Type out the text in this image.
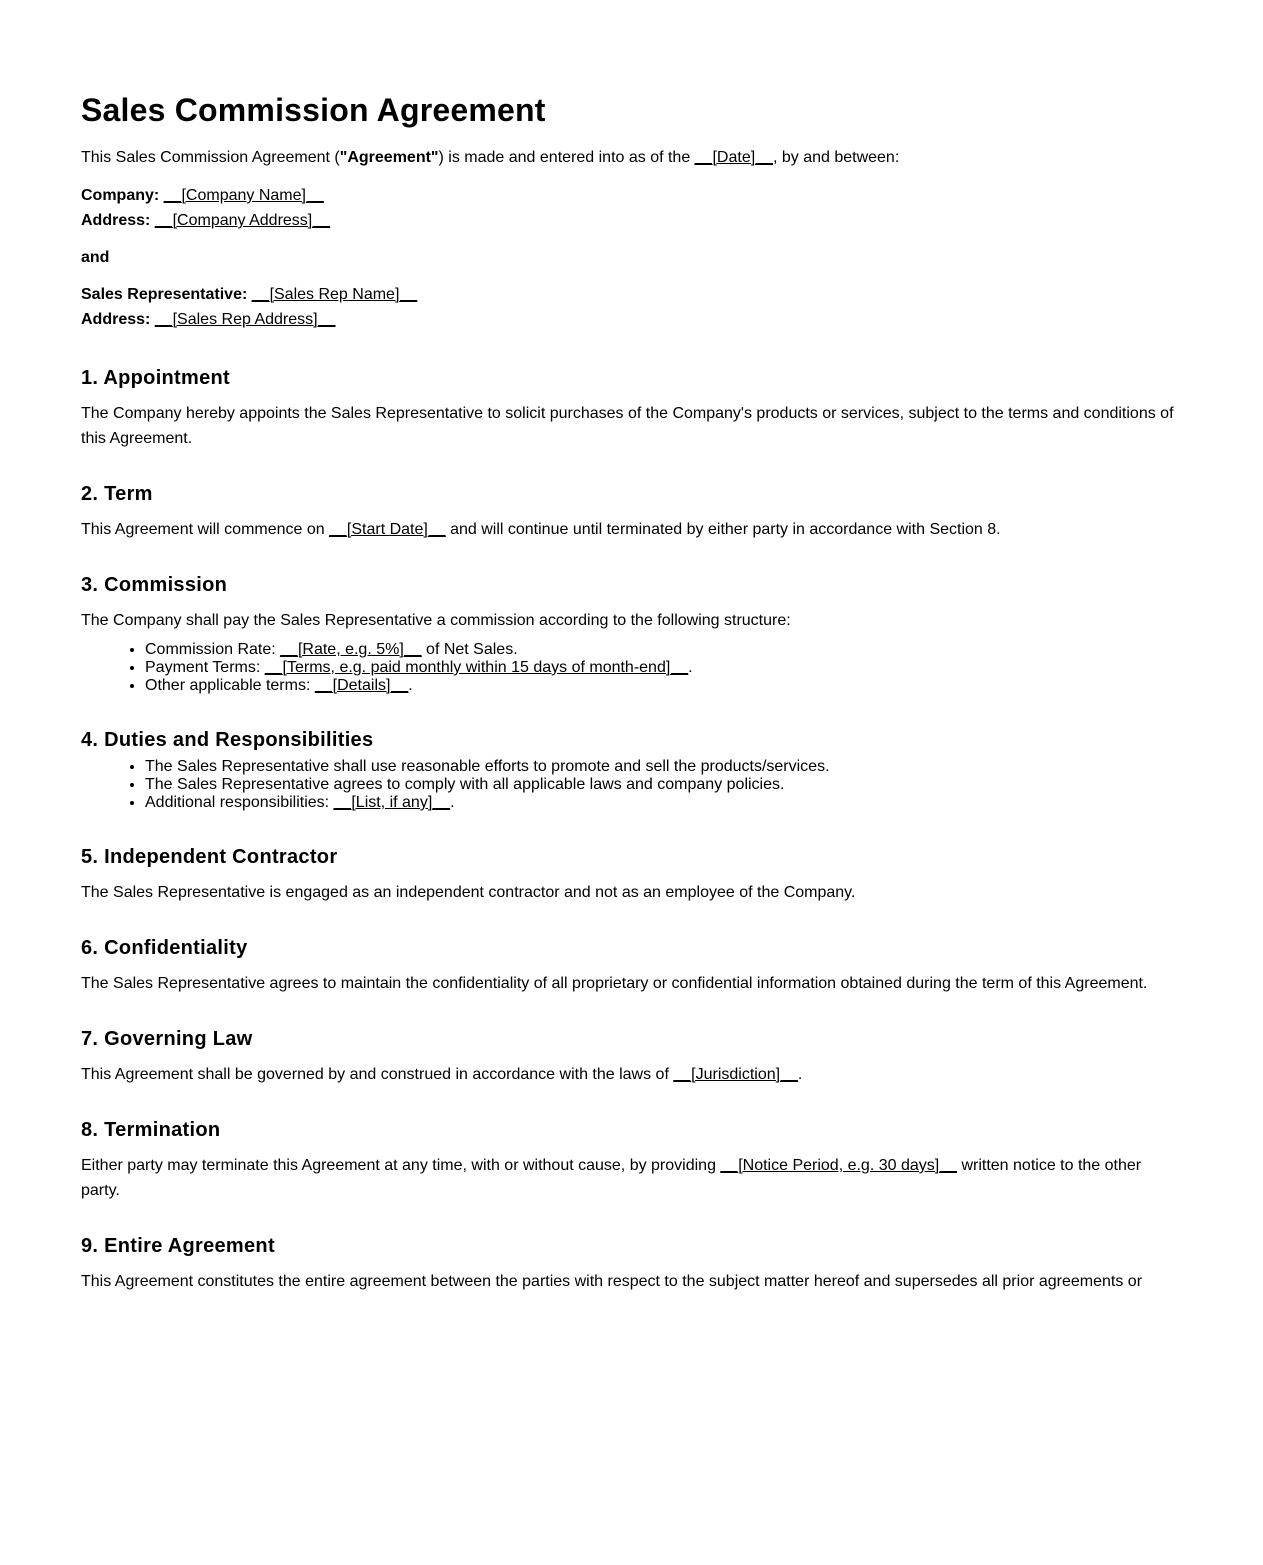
Sales Commission Agreement

This Sales Commission Agreement ("Agreement") is made and entered into as of the __[Date]__, by and between:

Company: __[Company Name]__
Address: __[Company Address]__
and
Sales Representative: __[Sales Rep Name]__
Address: __[Sales Rep Address]__
1. Appointment

The Company hereby appoints the Sales Representative to solicit purchases of the Company's products or services, subject to the terms and conditions of this Agreement.

2. Term

This Agreement will commence on __[Start Date]__ and will continue until terminated by either party in accordance with Section 8.

3. Commission

The Company shall pay the Sales Representative a commission according to the following structure:

• Commission Rate: __[Rate, e.g. 5%]__ of Net Sales.
• Payment Terms: __[Terms, e.g. paid monthly within 15 days of month-end]__.
• Other applicable terms: __[Details]__.
4. Duties and Responsibilities
• The Sales Representative shall use reasonable efforts to promote and sell the products/services.
• The Sales Representative agrees to comply with all applicable laws and company policies.
• Additional responsibilities: __[List, if any]__.
5. Independent Contractor

The Sales Representative is engaged as an independent contractor and not as an employee of the Company.

6. Confidentiality

The Sales Representative agrees to maintain the confidentiality of all proprietary or confidential information obtained during the term of this Agreement.

7. Governing Law

This Agreement shall be governed by and construed in accordance with the laws of __[Jurisdiction]__.

8. Termination

Either party may terminate this Agreement at any time, with or without cause, by providing __[Notice Period, e.g. 30 days]__ written notice to the other party.

9. Entire Agreement

This Agreement constitutes the entire agreement between the parties with respect to the subject matter hereof and supersedes all prior agreements or
